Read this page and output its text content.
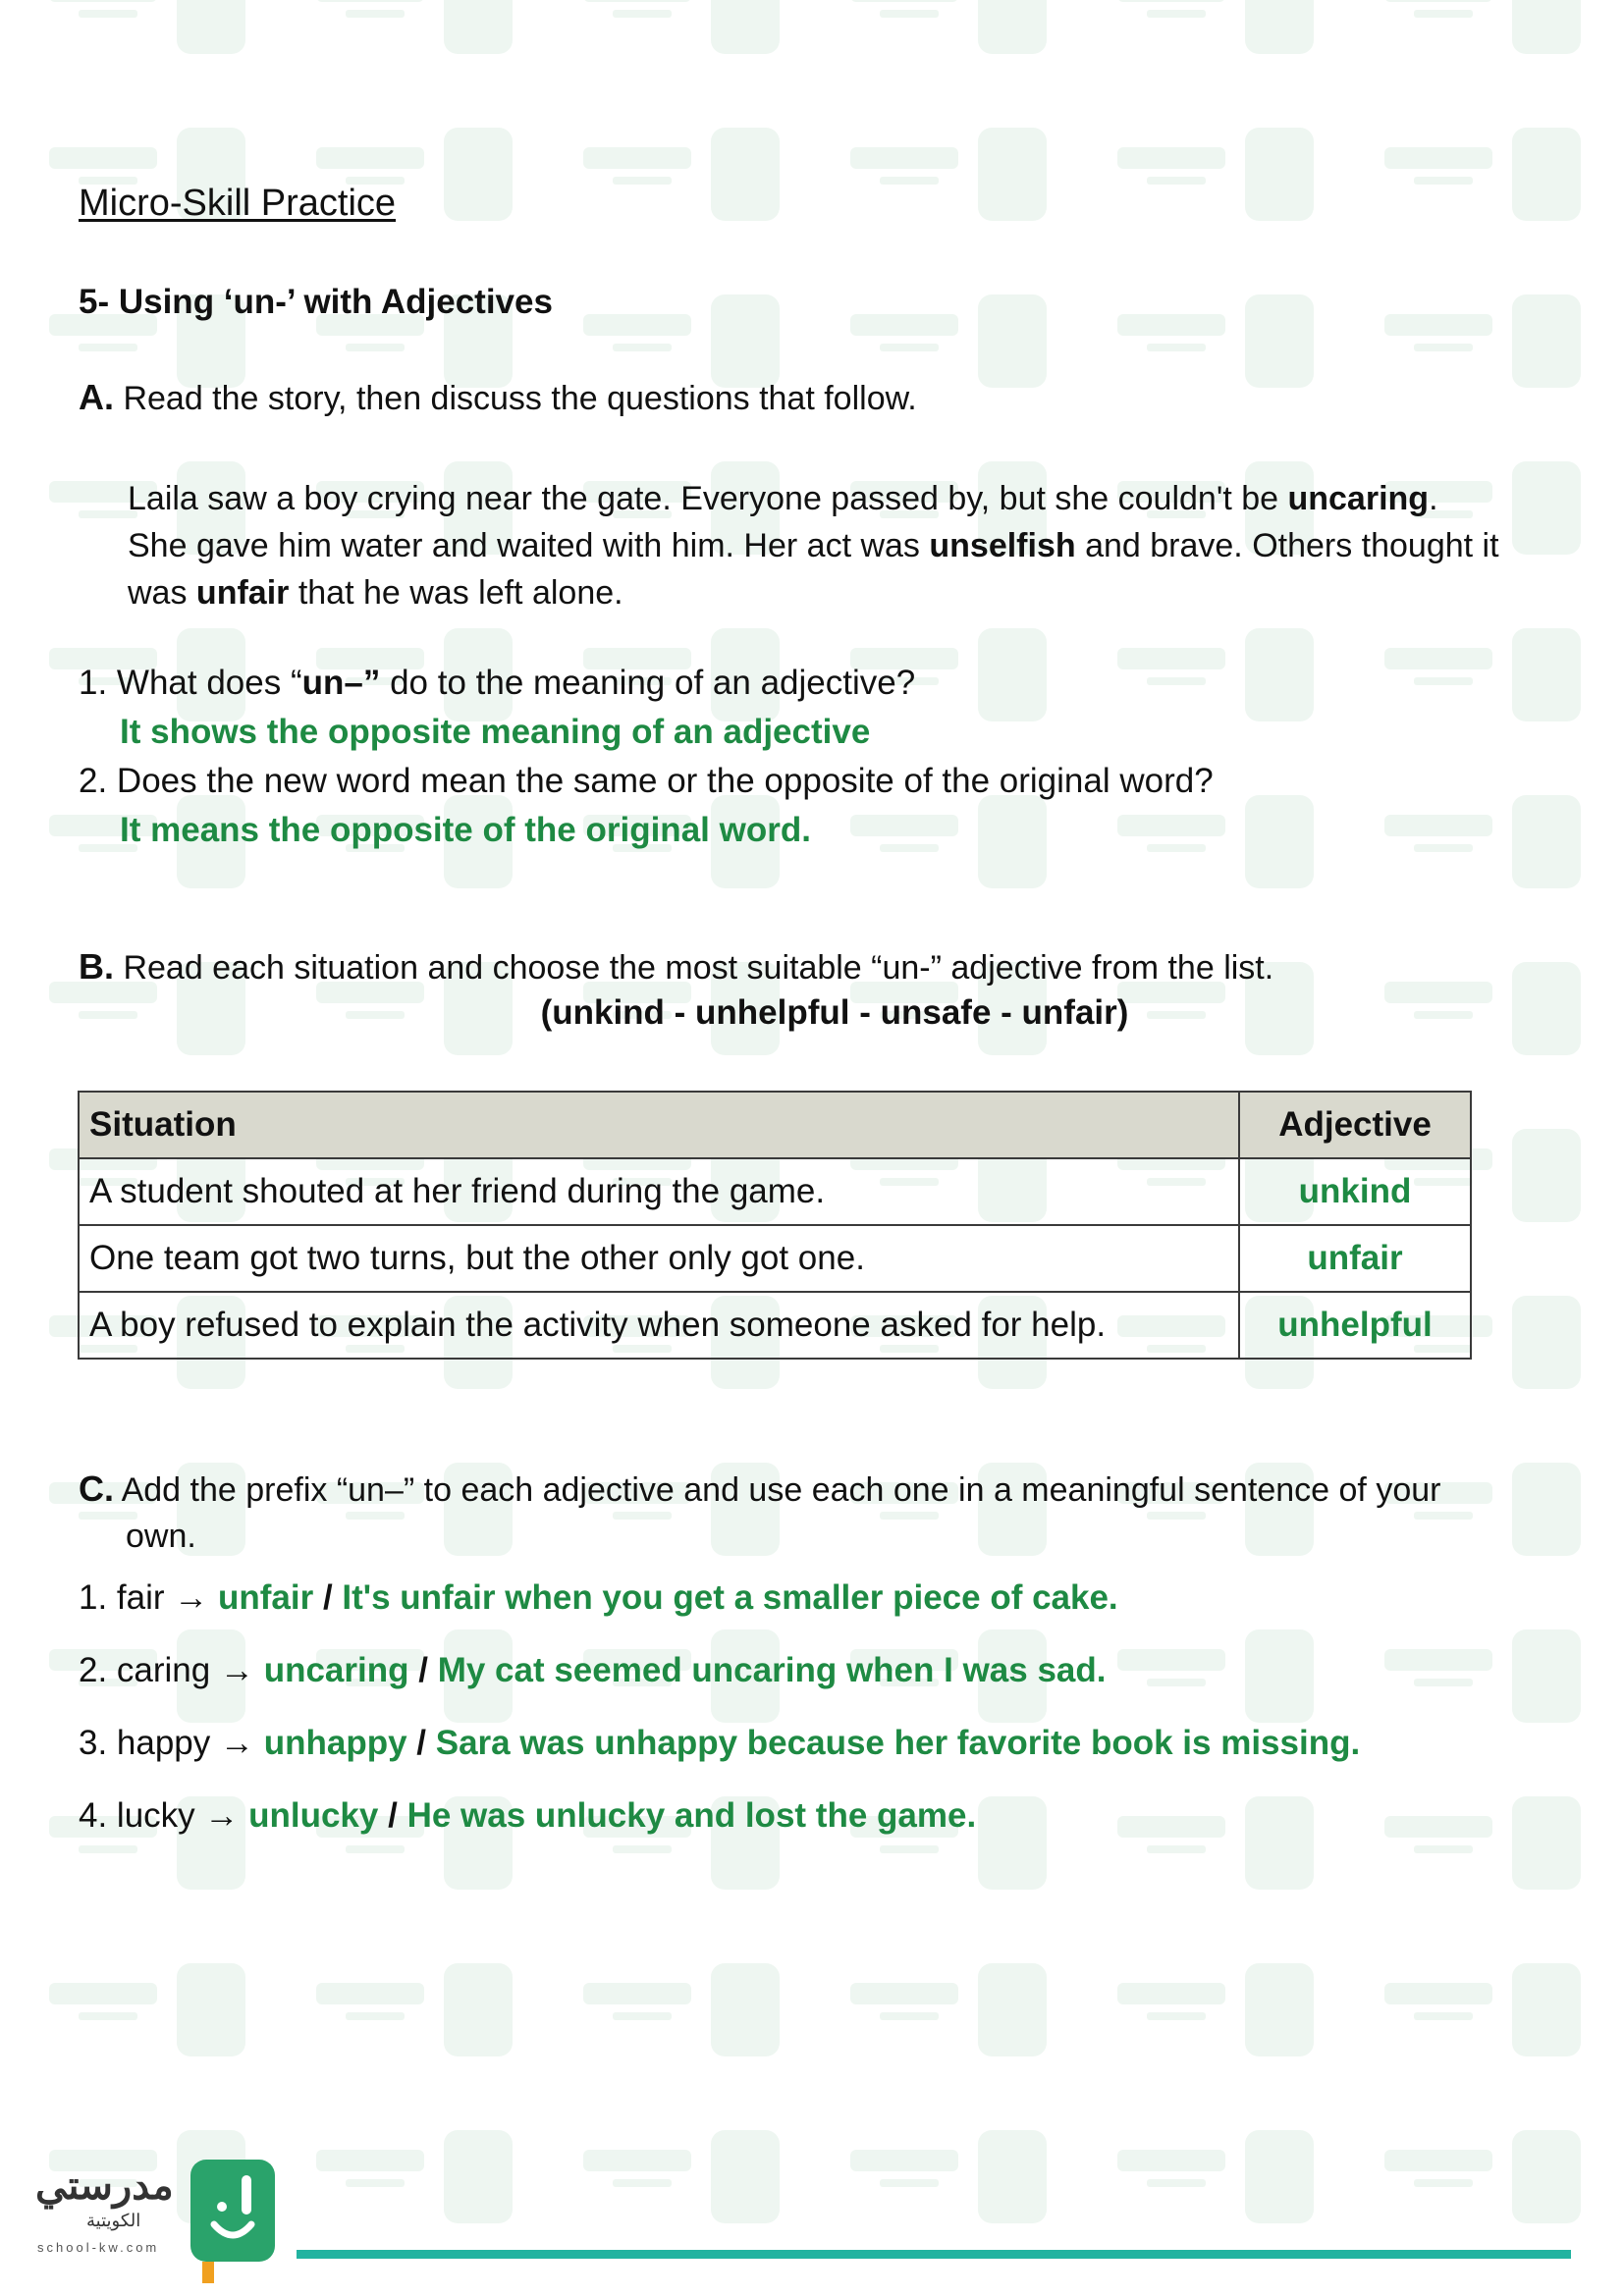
Micro-Skill Practice
5- Using ‘un-’ with Adjectives
A. Read the story, then discuss the questions that follow.
Laila saw a boy crying near the gate. Everyone passed by, but she couldn't be uncaring.
She gave him water and waited with him. Her act was unselfish and brave. Others thought it
was unfair that he was left alone.
1. What does “un–” do to the meaning of an adjective?
It shows the opposite meaning of an adjective
2. Does the new word mean the same or the opposite of the original word?
It means the opposite of the original word.
B. Read each situation and choose the most suitable “un-” adjective from the list.
(unkind - unhelpful - unsafe - unfair)
Situation	Adjective
A student shouted at her friend during the game.	unkind
One team got two turns, but the other only got one.	unfair
A boy refused to explain the activity when someone asked for help.	unhelpful
C. Add the prefix “un–” to each adjective and use each one in a meaningful sentence of your
own.
1. fair → unfair / It's unfair when you get a smaller piece of cake.
2. caring → uncaring / My cat seemed uncaring when I was sad.
3. happy → unhappy / Sara was unhappy because her favorite book is missing.
4. lucky → unlucky / He was unlucky and lost the game.
مدرستي
الكويتية
school-kw.com
